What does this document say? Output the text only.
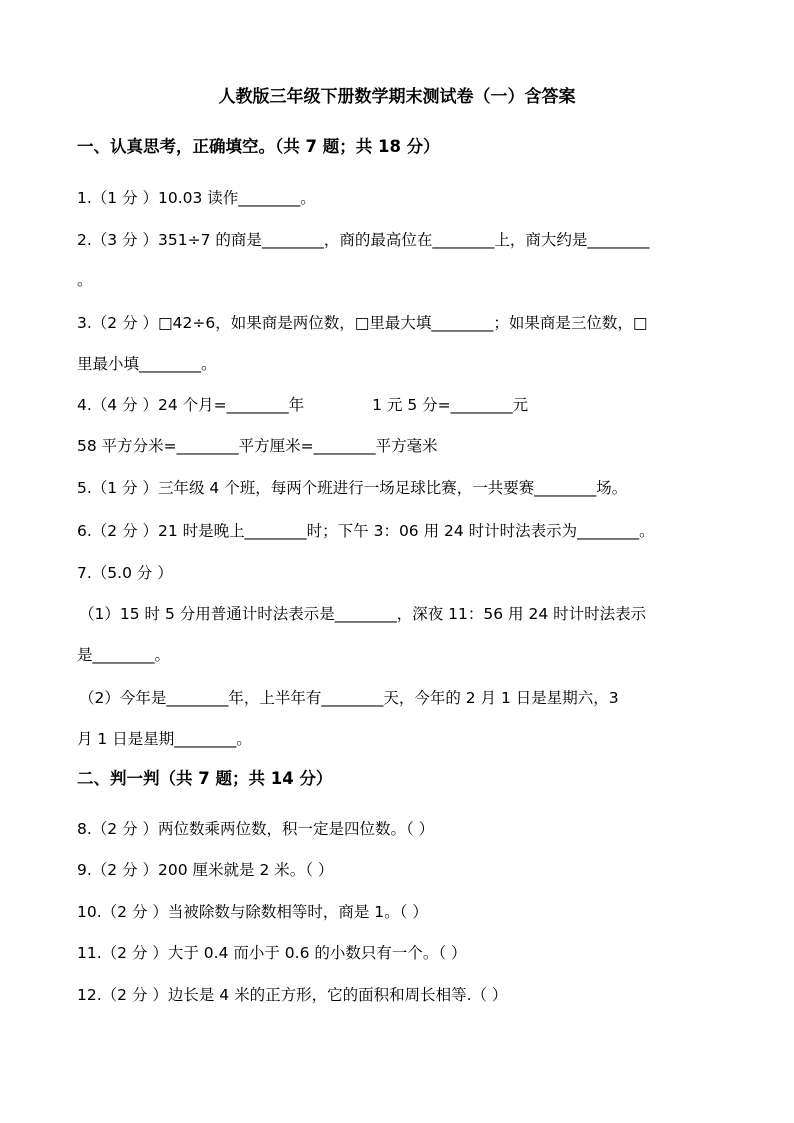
人教版三年级下册数学期末测试卷（一）含答案
一、认真思考，正确填空。（共 7 题；共 18 分）
1.（1 分 ）10.03 读作________。
2.（3 分 ）351÷7 的商是________，商的最高位在________上，商大约是________
。
3.（2 分 ）□42÷6，如果商是两位数，□里最大填________；如果商是三位数，□
里最小填________。
4.（4 分 ）24 个月=________年	1 元 5 分=________元
58 平方分米=________平方厘米=________平方毫米
5.（1 分 ）三年级 4 个班，每两个班进行一场足球比赛，一共要赛________场。
6.（2 分 ）21 时是晚上________时；下午 3：06 用 24 时计时法表示为________。
7.（5.0 分 ）
（1）15 时 5 分用普通计时法表示是________，深夜 11：56 用 24 时计时法表示
是________。
（2）今年是________年，上半年有________天，今年的 2 月 1 日是星期六，3
月 1 日是星期________。
二、判一判（共 7 题；共 14 分）
8.（2 分 ）两位数乘两位数，积一定是四位数。（ ）
9.（2 分 ）200 厘米就是 2 米。（ ）
10.（2 分 ）当被除数与除数相等时，商是 1。（ ）
11.（2 分 ）大于 0.4 而小于 0.6 的小数只有一个。（ ）
12.（2 分 ）边长是 4 米的正方形，它的面积和周长相等.（ ）
